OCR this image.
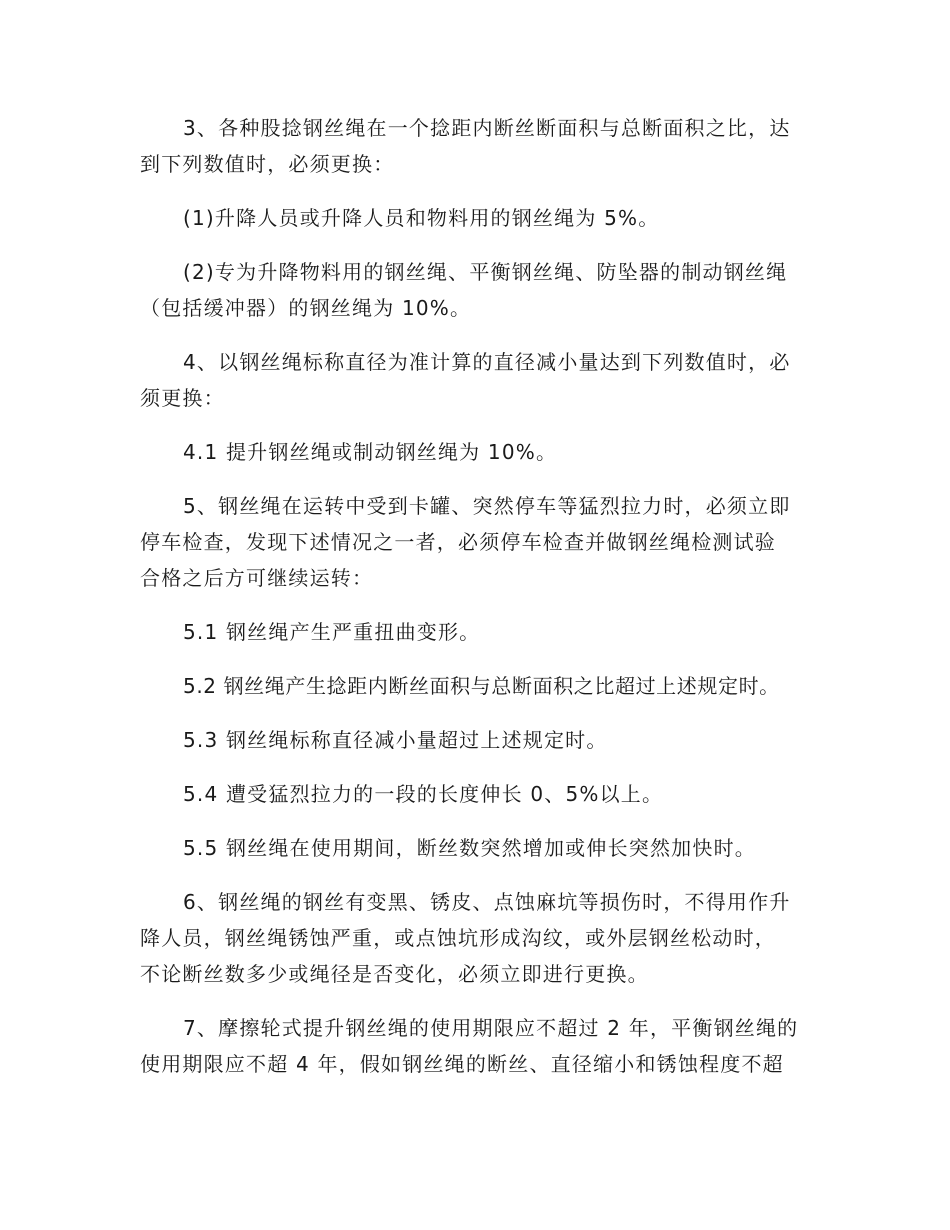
3、各种股捻钢丝绳在一个捻距内断丝断面积与总断面积之比，达
到下列数值时，必须更换：
(1)升降人员或升降人员和物料用的钢丝绳为 5%。
(2)专为升降物料用的钢丝绳、平衡钢丝绳、防坠器的制动钢丝绳
（包括缓冲器）的钢丝绳为 10%。
4、以钢丝绳标称直径为准计算的直径减小量达到下列数值时，必
须更换：
4.1 提升钢丝绳或制动钢丝绳为 10%。
5、钢丝绳在运转中受到卡罐、突然停车等猛烈拉力时，必须立即
停车检查，发现下述情况之一者，必须停车检查并做钢丝绳检测试验
合格之后方可继续运转：
5.1 钢丝绳产生严重扭曲变形。
5.2 钢丝绳产生捻距内断丝面积与总断面积之比超过上述规定时。
5.3 钢丝绳标称直径减小量超过上述规定时。
5.4 遭受猛烈拉力的一段的长度伸长 0、5%以上。
5.5 钢丝绳在使用期间，断丝数突然增加或伸长突然加快时。
6、钢丝绳的钢丝有变黑、锈皮、点蚀麻坑等损伤时，不得用作升
降人员，钢丝绳锈蚀严重，或点蚀坑形成沟纹，或外层钢丝松动时，
不论断丝数多少或绳径是否变化，必须立即进行更换。
7、摩擦轮式提升钢丝绳的使用期限应不超过 2 年，平衡钢丝绳的
使用期限应不超 4 年，假如钢丝绳的断丝、直径缩小和锈蚀程度不超
